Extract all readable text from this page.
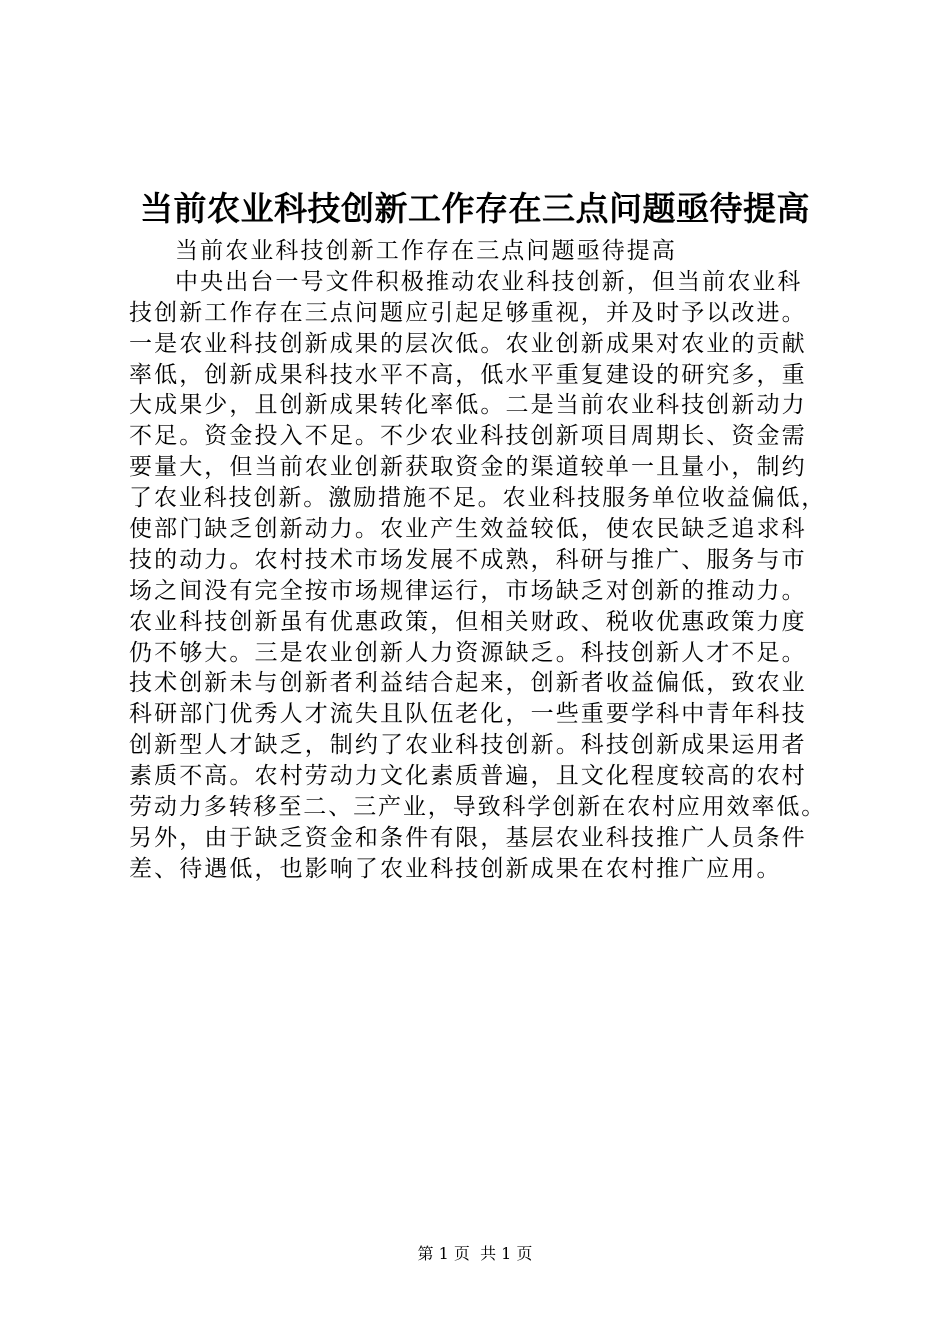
当前农业科技创新工作存在三点问题亟待提高
当前农业科技创新工作存在三点问题亟待提高
中央出台一号文件积极推动农业科技创新，但当前农业科
技创新工作存在三点问题应引起足够重视，并及时予以改进。
一是农业科技创新成果的层次低。农业创新成果对农业的贡献
率低，创新成果科技水平不高，低水平重复建设的研究多，重
大成果少，且创新成果转化率低。二是当前农业科技创新动力
不足。资金投入不足。不少农业科技创新项目周期长、资金需
要量大，但当前农业创新获取资金的渠道较单一且量小，制约
了农业科技创新。激励措施不足。农业科技服务单位收益偏低，
使部门缺乏创新动力。农业产生效益较低，使农民缺乏追求科
技的动力。农村技术市场发展不成熟，科研与推广、服务与市
场之间没有完全按市场规律运行，市场缺乏对创新的推动力。
农业科技创新虽有优惠政策，但相关财政、税收优惠政策力度
仍不够大。三是农业创新人力资源缺乏。科技创新人才不足。
技术创新未与创新者利益结合起来，创新者收益偏低，致农业
科研部门优秀人才流失且队伍老化，一些重要学科中青年科技
创新型人才缺乏，制约了农业科技创新。科技创新成果运用者
素质不高。农村劳动力文化素质普遍，且文化程度较高的农村
劳动力多转移至二、三产业，导致科学创新在农村应用效率低。
另外，由于缺乏资金和条件有限，基层农业科技推广人员条件
差、待遇低，也影响了农业科技创新成果在农村推广应用。
第 1 页  共 1 页
